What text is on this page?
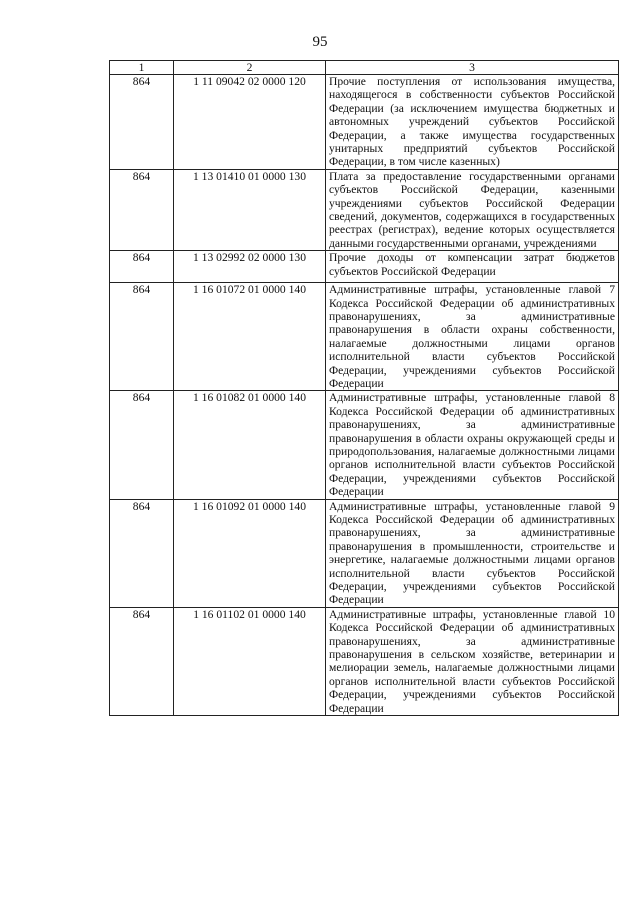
95
1	2	3
864	1 11 09042 02 0000 120	Прочие поступления от использования имущества, находящегося в собственности субъектов Российской Федерации (за исключением имущества бюджетных и автономных учреждений субъектов Российской Федерации, а также имущества государственных унитарных предприятий субъектов Российской Федерации, в том числе казенных)
864	1 13 01410 01 0000 130	Плата за предоставление государственными органами субъектов Российской Федерации, казенными учреждениями субъектов Российской Федерации сведений, документов, содержащихся в государственных реестрах (регистрах), ведение которых осуществляется данными государственными органами, учреждениями
864	1 13 02992 02 0000 130	Прочие доходы от компенсации затрат бюджетов субъектов Российской Федерации

864	1 16 01072 01 0000 140	Административные штрафы, установленные главой 7 Кодекса Российской Федерации об административных правонарушениях, за административные правонарушения в области охраны собственности, налагаемые должностными лицами органов исполнительной власти субъектов Российской Федерации, учреждениями субъектов Российской Федерации
864	1 16 01082 01 0000 140	Административные штрафы, установленные главой 8 Кодекса Российской Федерации об административных правонарушениях, за административные правонарушения в области охраны окружающей среды и природопользования, налагаемые должностными лицами органов исполнительной власти субъектов Российской Федерации, учреждениями субъектов Российской Федерации
864	1 16 01092 01 0000 140	Административные штрафы, установленные главой 9 Кодекса Российской Федерации об административных правонарушениях, за административные правонарушения в промышленности, строительстве и энергетике, налагаемые должностными лицами органов исполнительной власти субъектов Российской Федерации, учреждениями субъектов Российской Федерации
864	1 16 01102 01 0000 140	Административные штрафы, установленные главой 10 Кодекса Российской Федерации об административных правонарушениях, за административные правонарушения в сельском хозяйстве, ветеринарии и мелиорации земель, налагаемые должностными лицами органов исполнительной власти субъектов Российской Федерации, учреждениями субъектов Российской Федерации
